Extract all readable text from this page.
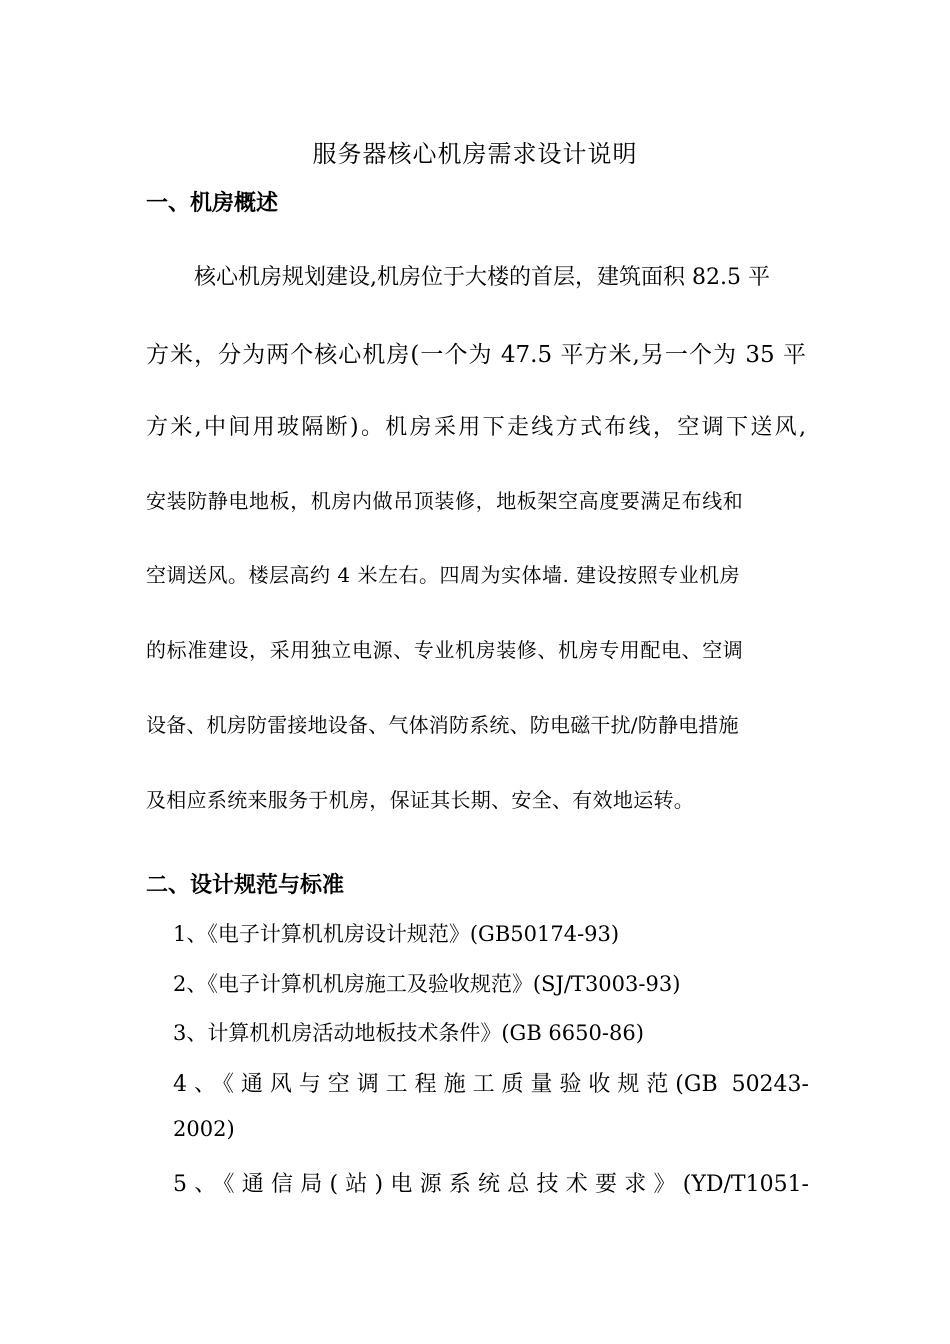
服务器核心机房需求设计说明
一、机房概述
核心机房规划建设,机房位于大楼的首层，建筑面积 82.5 平
方米，分为两个核心机房(一个为 47.5 平方米,另一个为 35 平
方米,中间用玻隔断)。机房采用下走线方式布线，空调下送风,
安装防静电地板，机房内做吊顶装修，地板架空高度要满足布线和
空调送风。楼层高约 4 米左右。四周为实体墙. 建设按照专业机房
的标准建设，采用独立电源、专业机房装修、机房专用配电、空调
设备、机房防雷接地设备、气体消防系统、防电磁干扰/防静电措施
及相应系统来服务于机房，保证其长期、安全、有效地运转。
二、设计规范与标准
1、《电子计算机机房设计规范》(GB50174-93)
2、《电子计算机机房施工及验收规范》(SJ/T3003-93)
3、计算机机房活动地板技术条件》(GB 6650-86)
4、《通风与空调工程施工质量验收规范(GB 50243-
2002)
5、《通信局(站)电源系统总技术要求》(YD/T1051-
